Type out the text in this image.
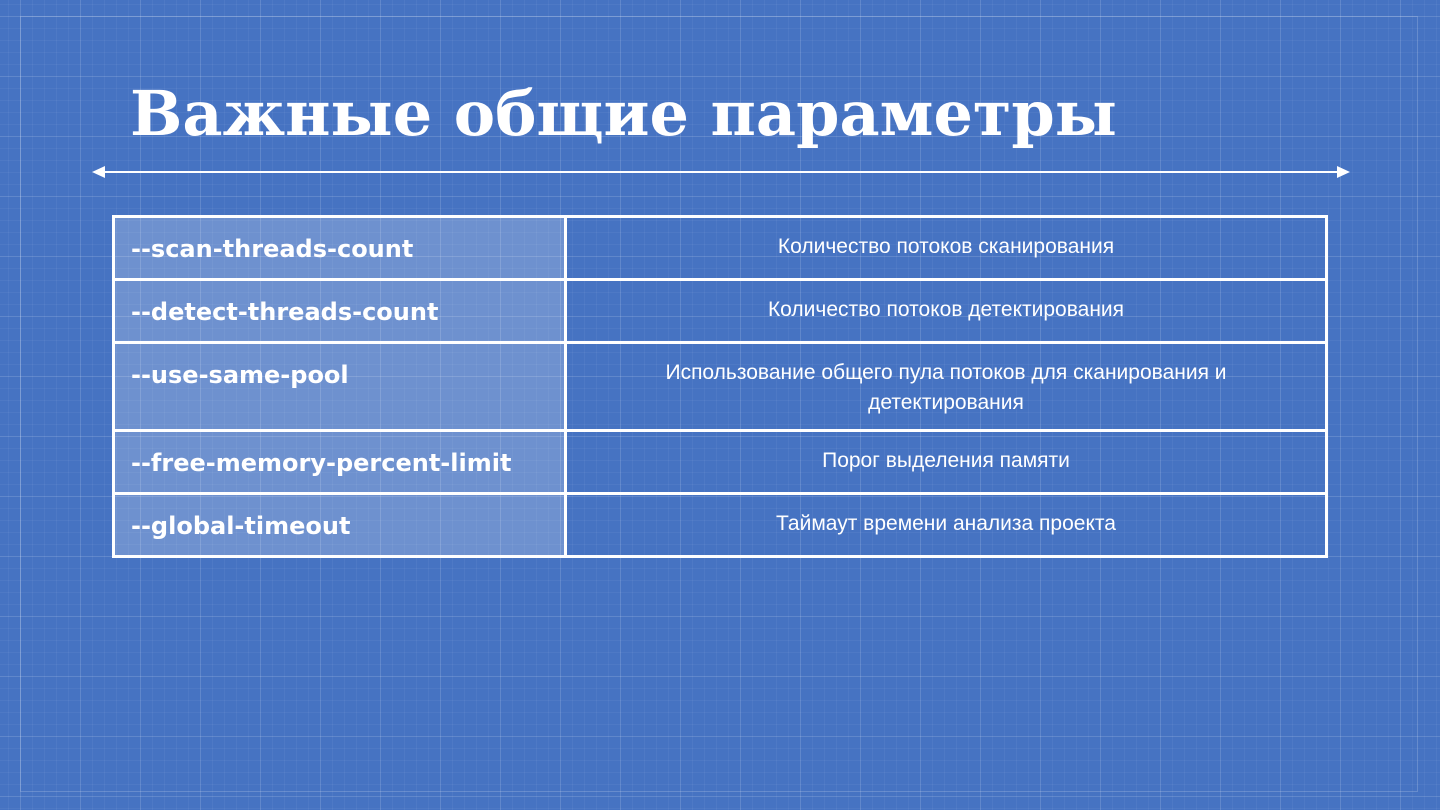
Важные общие параметры
--scan-threads-count	Количество потоков сканирования
--detect-threads-count	Количество потоков детектирования
--use-same-pool	Использование общего пула потоков для сканирования и детектирования
--free-memory-percent-limit	Порог выделения памяти
--global-timeout	Таймаут времени анализа проекта
